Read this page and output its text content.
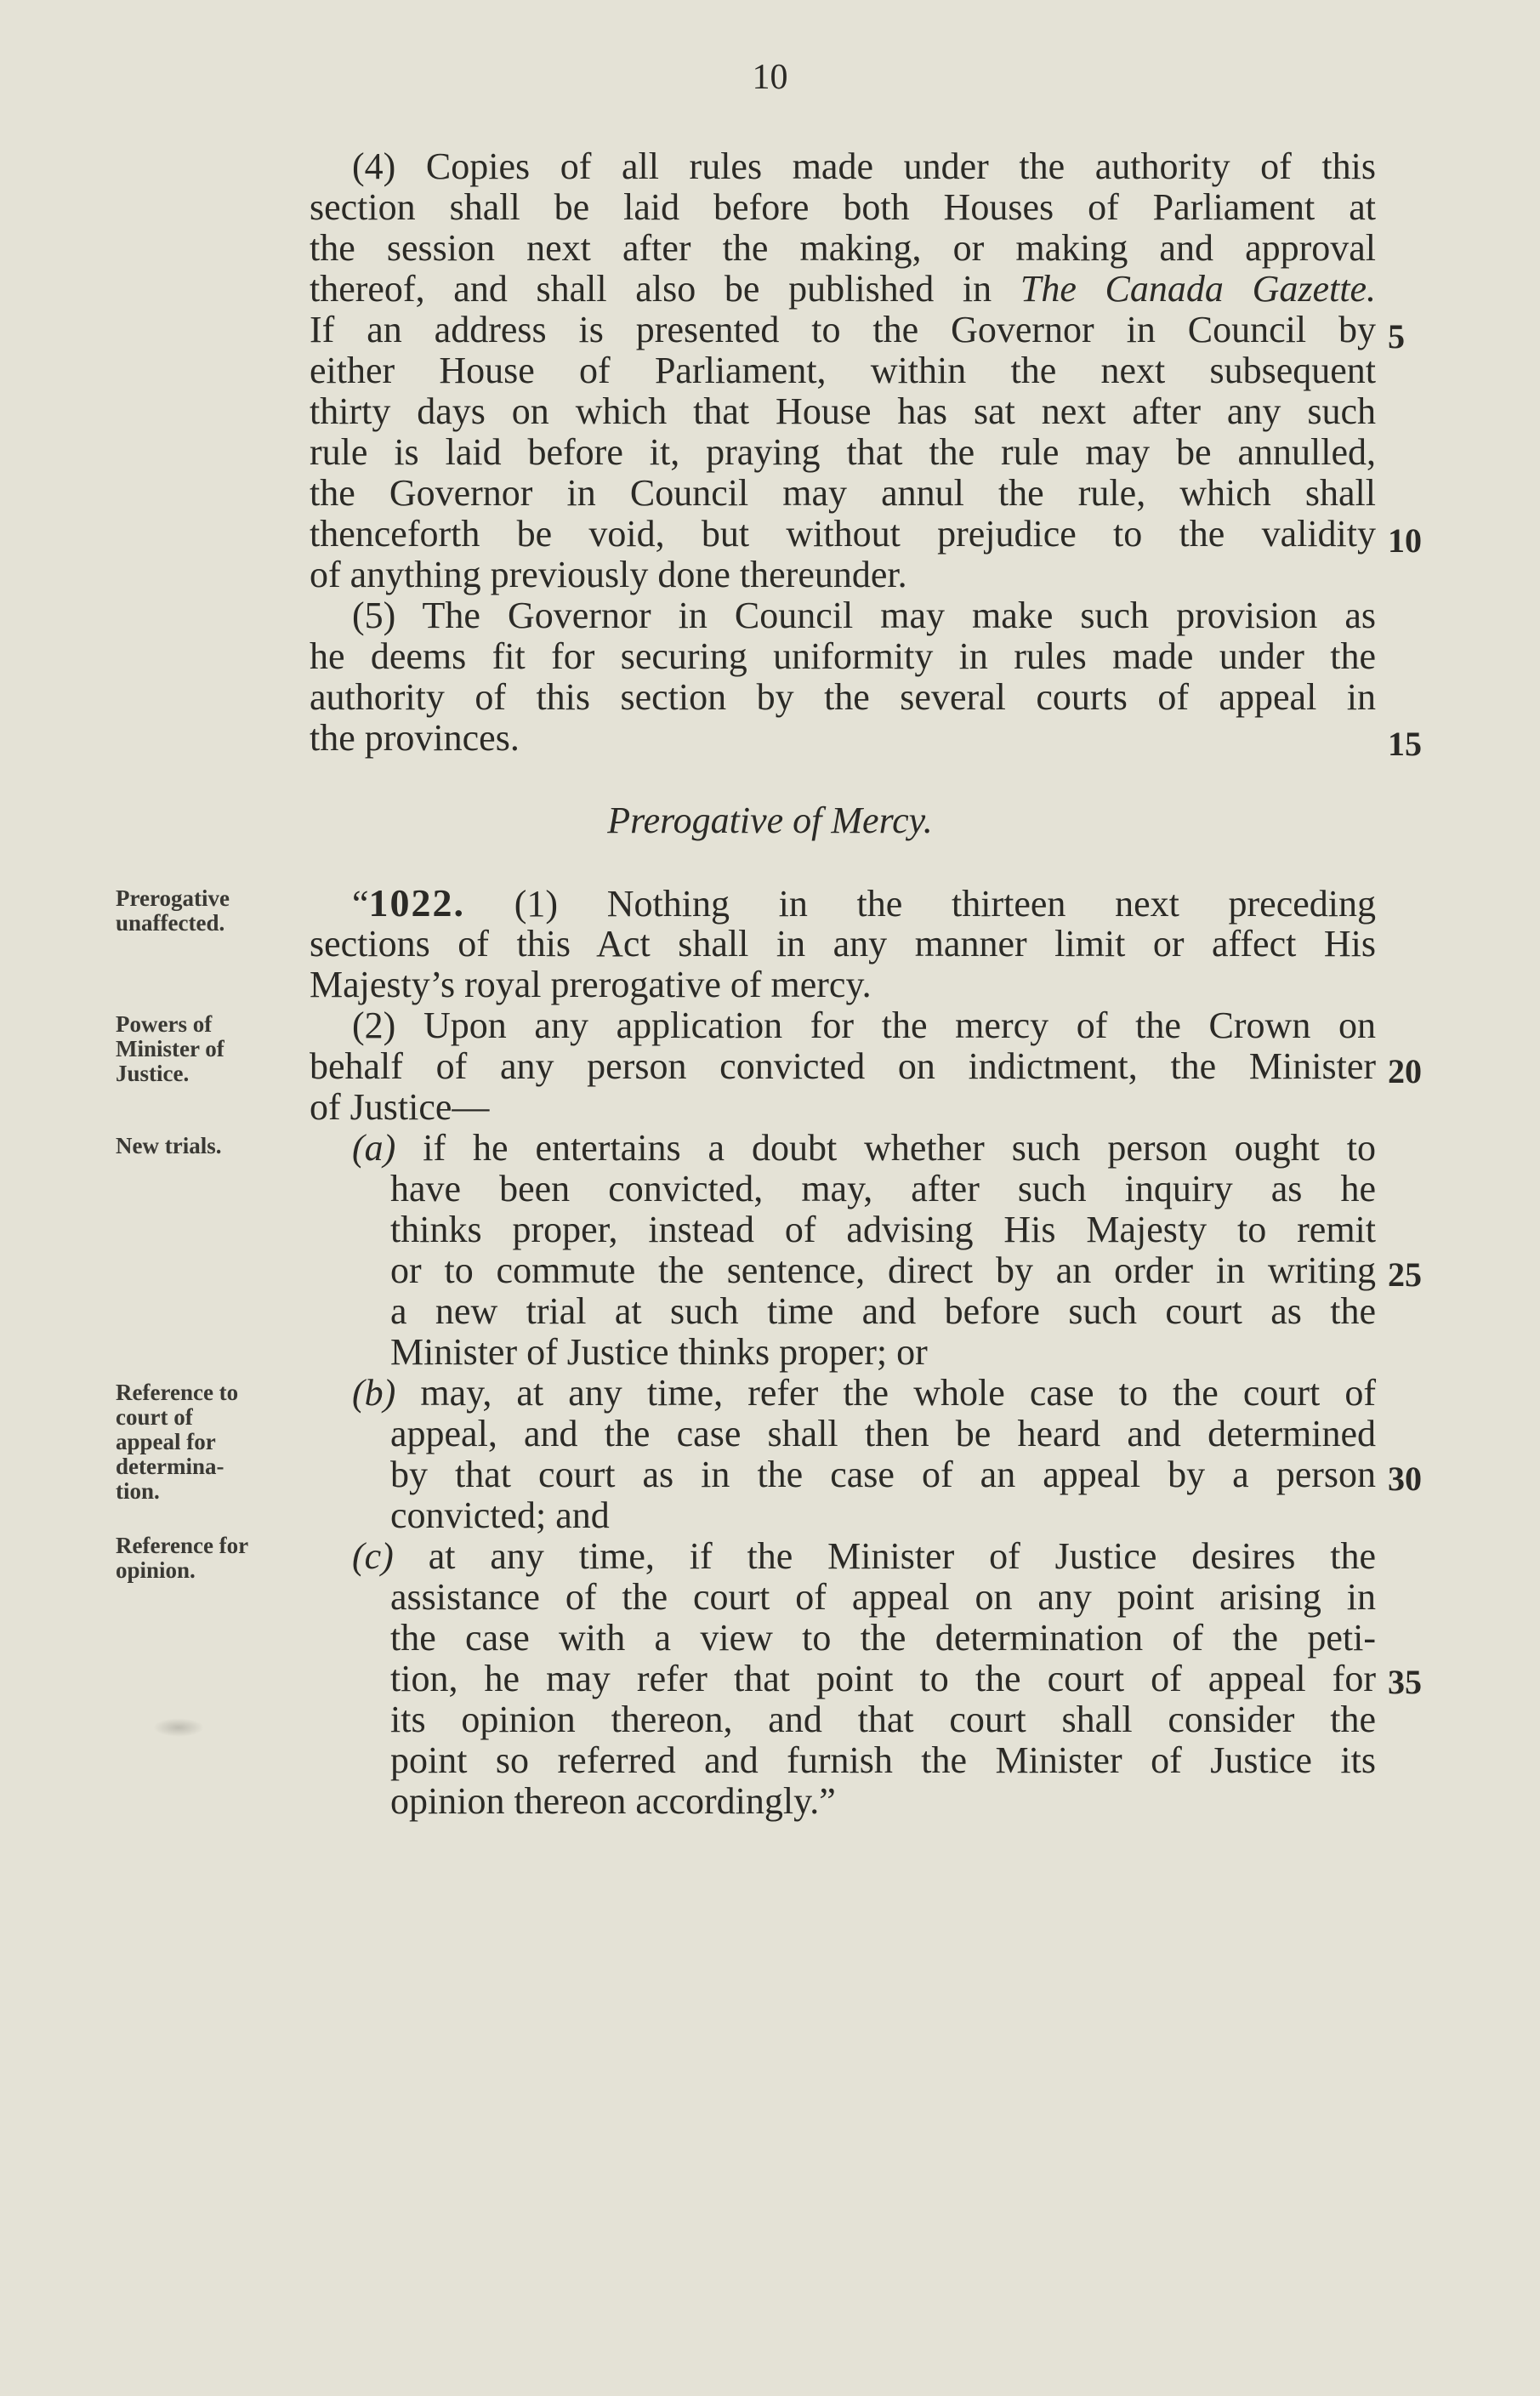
10
(4) Copies of all rules made under the authority of this
section shall be laid before both Houses of Parliament at
the session next after the making, or making and approval
thereof, and shall also be published in The Canada Gazette.
If an address is presented to the Governor in Council by
either House of Parliament, within the next subsequent
thirty days on which that House has sat next after any such
rule is laid before it, praying that the rule may be annulled,
the Governor in Council may annul the rule, which shall
thenceforth be void, but without prejudice to the validity
of anything previously done thereunder.
(5) The Governor in Council may make such provision as
he deems fit for securing uniformity in rules made under the
authority of this section by the several courts of appeal in
the provinces.
Prerogative of Mercy.
“1022. (1) Nothing in the thirteen next preceding
sections of this Act shall in any manner limit or affect His
Majesty’s royal prerogative of mercy.
(2) Upon any application for the mercy of the Crown on
behalf of any person convicted on indictment, the Minister
of Justice—
(a) if he entertains a doubt whether such person ought to
have been convicted, may, after such inquiry as he
thinks proper, instead of advising His Majesty to remit
or to commute the sentence, direct by an order in writing
a new trial at such time and before such court as the
Minister of Justice thinks proper; or
(b) may, at any time, refer the whole case to the court of
appeal, and the case shall then be heard and determined
by that court as in the case of an appeal by a person
convicted; and
(c) at any time, if the Minister of Justice desires the
assistance of the court of appeal on any point arising in
the case with a view to the determination of the peti-
tion, he may refer that point to the court of appeal for
its opinion thereon, and that court shall consider the
point so referred and furnish the Minister of Justice its
opinion thereon accordingly.”
5
10
15
20
25
30
35
Prerogative
unaffected.
Powers of
Minister of
Justice.
New trials.
Reference to
court of
appeal for
determina-
tion.
Reference for
opinion.
